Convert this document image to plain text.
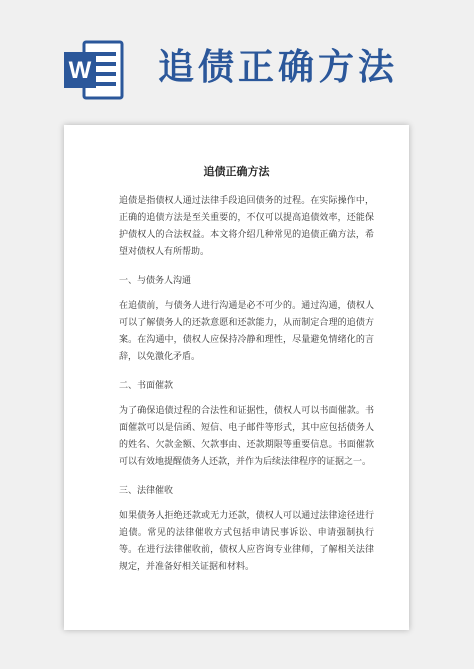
W 追债正确方法
追债正确方法

追债是指债权人通过法律手段追回债务的过程。在实际操作中，正确的追债方法是至关重要的，不仅可以提高追债效率，还能保护债权人的合法权益。本文将介绍几种常见的追债正确方法，希望对债权人有所帮助。

一、与债务人沟通

在追债前，与债务人进行沟通是必不可少的。通过沟通，债权人可以了解债务人的还款意愿和还款能力，从而制定合理的追债方案。在沟通中，债权人应保持冷静和理性，尽量避免情绪化的言辞，以免激化矛盾。

二、书面催款

为了确保追债过程的合法性和证据性，债权人可以书面催款。书面催款可以是信函、短信、电子邮件等形式，其中应包括债务人的姓名、欠款金额、欠款事由、还款期限等重要信息。书面催款可以有效地提醒债务人还款，并作为后续法律程序的证据之一。

三、法律催收

如果债务人拒绝还款或无力还款，债权人可以通过法律途径进行追债。常见的法律催收方式包括申请民事诉讼、申请强制执行等。在进行法律催收前，债权人应咨询专业律师，了解相关法律规定，并准备好相关证据和材料。
